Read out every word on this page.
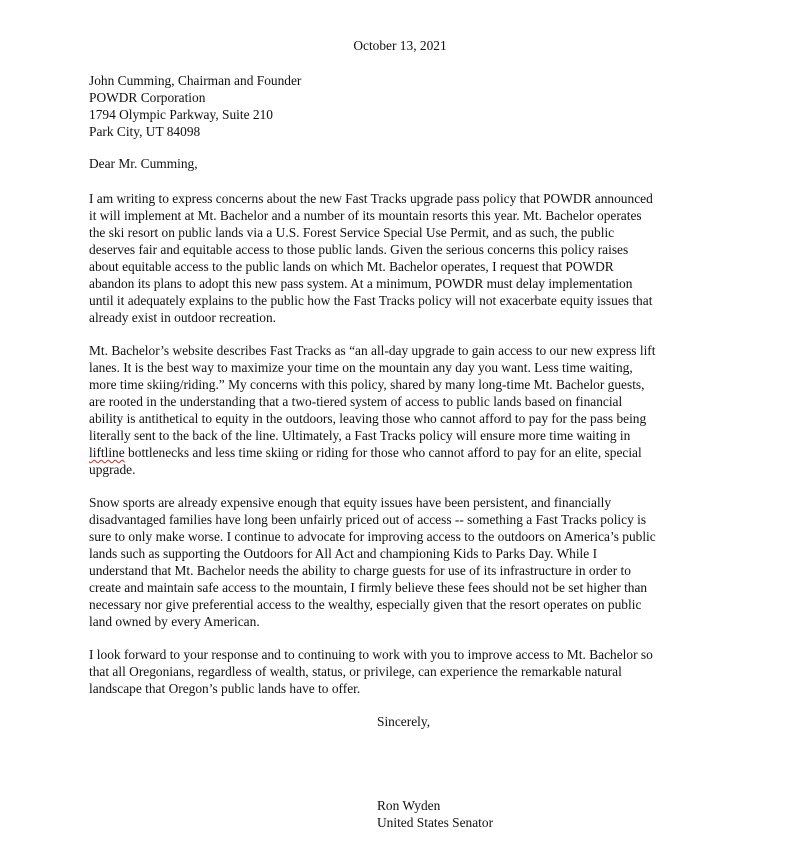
October 13, 2021
John Cumming, Chairman and Founder
POWDR Corporation
1794 Olympic Parkway, Suite 210
Park City, UT 84098
Dear Mr. Cumming,
I am writing to express concerns about the new Fast Tracks upgrade pass policy that POWDR announced
it will implement at Mt. Bachelor and a number of its mountain resorts this year. Mt. Bachelor operates
the ski resort on public lands via a U.S. Forest Service Special Use Permit, and as such, the public
deserves fair and equitable access to those public lands. Given the serious concerns this policy raises
about equitable access to the public lands on which Mt. Bachelor operates, I request that POWDR
abandon its plans to adopt this new pass system. At a minimum, POWDR must delay implementation
until it adequately explains to the public how the Fast Tracks policy will not exacerbate equity issues that
already exist in outdoor recreation.
Mt. Bachelor’s website describes Fast Tracks as “an all-day upgrade to gain access to our new express lift
lanes. It is the best way to maximize your time on the mountain any day you want. Less time waiting,
more time skiing/riding.” My concerns with this policy, shared by many long-time Mt. Bachelor guests,
are rooted in the understanding that a two-tiered system of access to public lands based on financial
ability is antithetical to equity in the outdoors, leaving those who cannot afford to pay for the pass being
literally sent to the back of the line. Ultimately, a Fast Tracks policy will ensure more time waiting in
liftline bottlenecks and less time skiing or riding for those who cannot afford to pay for an elite, special
upgrade.
Snow sports are already expensive enough that equity issues have been persistent, and financially
disadvantaged families have long been unfairly priced out of access -- something a Fast Tracks policy is
sure to only make worse. I continue to advocate for improving access to the outdoors on America’s public
lands such as supporting the Outdoors for All Act and championing Kids to Parks Day. While I
understand that Mt. Bachelor needs the ability to charge guests for use of its infrastructure in order to
create and maintain safe access to the mountain, I firmly believe these fees should not be set higher than
necessary nor give preferential access to the wealthy, especially given that the resort operates on public
land owned by every American.
I look forward to your response and to continuing to work with you to improve access to Mt. Bachelor so
that all Oregonians, regardless of wealth, status, or privilege, can experience the remarkable natural
landscape that Oregon’s public lands have to offer.
Sincerely,
Ron Wyden
United States Senator
